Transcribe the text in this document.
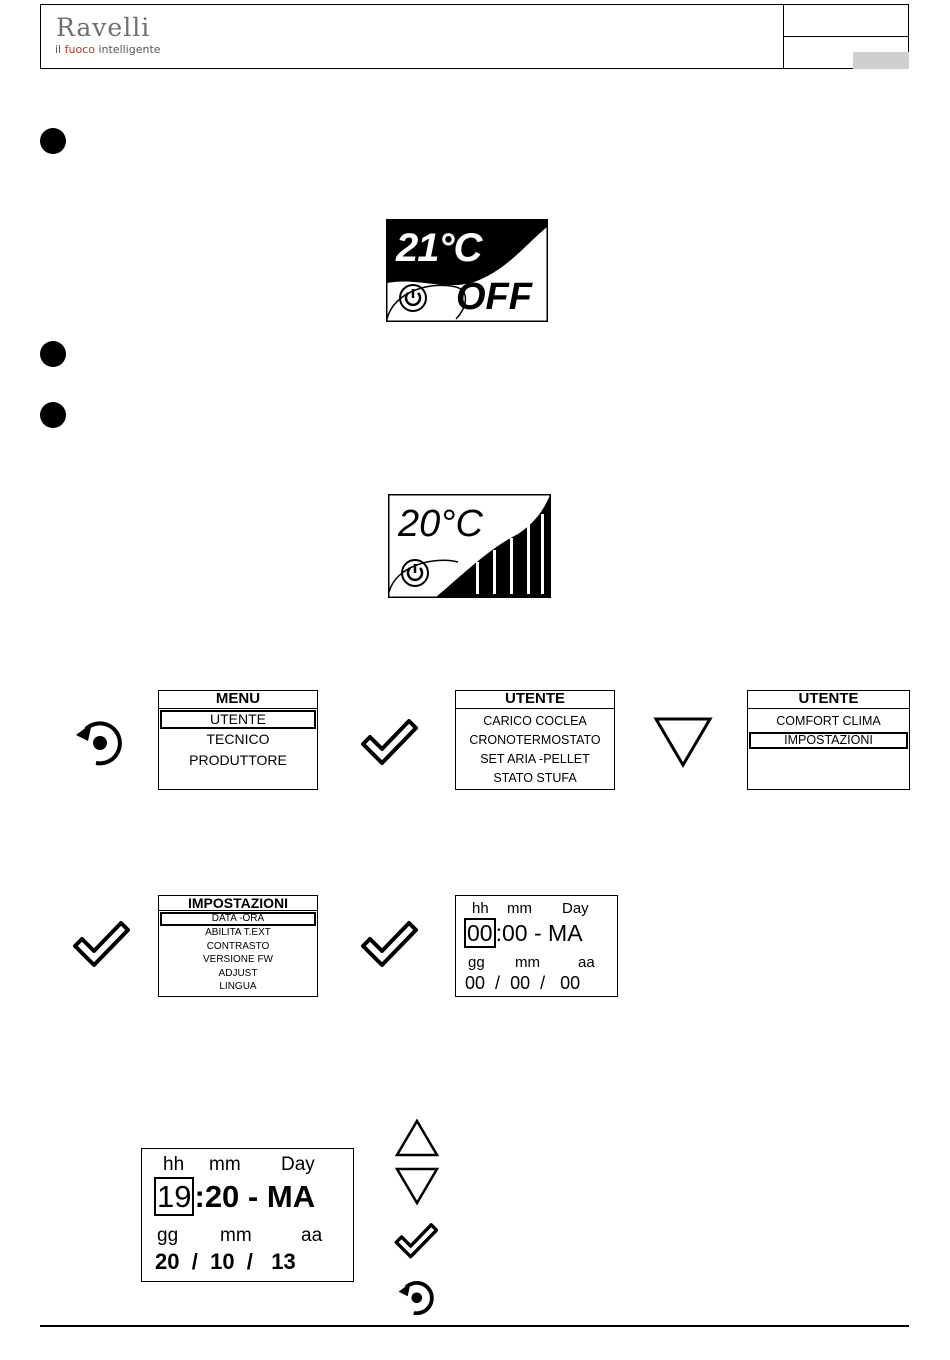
Ravelli
il fuoco intelligente
21°C
OFF
20°C
MENU
UTENTE
TECNICO
PRODUTTORE
UTENTE
CARICO COCLEA
CRONOTERMOSTATO
SET ARIA -PELLET
STATO STUFA
UTENTE
COMFORT CLIMA
IMPOSTAZIONI
IMPOSTAZIONI
DATA -ORA
ABILITA T.EXT
CONTRASTO
VERSIONE FW
ADJUST
LINGUA
hh mm Day
00 :00 - MA
gg mm	aa
00 / 00 / 00
hh mm Day
19:20 - MA
gg mm	aa
20 / 10 / 13
